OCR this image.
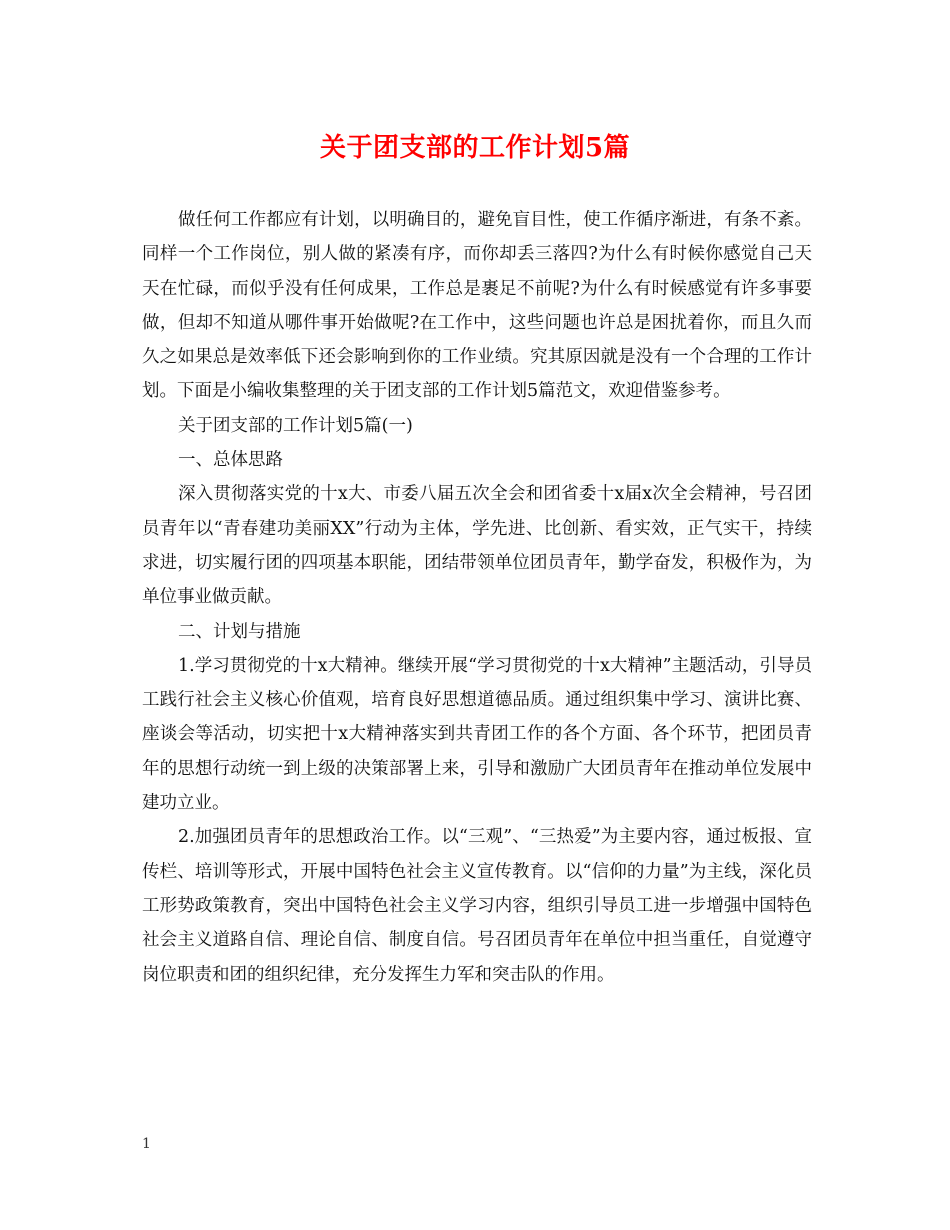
关于团支部的工作计划5篇

做任何工作都应有计划，以明确目的，避免盲目性，使工作循序渐进，有条不紊。同样一个工作岗位，别人做的紧凑有序，而你却丢三落四?为什么有时候你感觉自己天天在忙碌，而似乎没有任何成果，工作总是裹足不前呢?为什么有时候感觉有许多事要做，但却不知道从哪件事开始做呢?在工作中，这些问题也许总是困扰着你，而且久而久之如果总是效率低下还会影响到你的工作业绩。究其原因就是没有一个合理的工作计划。下面是小编收集整理的关于团支部的工作计划5篇范文，欢迎借鉴参考。

关于团支部的工作计划5篇(一)

一、总体思路

深入贯彻落实党的十x大、市委八届五次全会和团省委十x届x次全会精神，号召团员青年以“青春建功美丽XX”行动为主体，学先进、比创新、看实效，正气实干，持续求进，切实履行团的四项基本职能，团结带领单位团员青年，勤学奋发，积极作为，为单位事业做贡献。

二、计划与措施

1.学习贯彻党的十x大精神。继续开展“学习贯彻党的十x大精神”主题活动，引导员工践行社会主义核心价值观，培育良好思想道德品质。通过组织集中学习、演讲比赛、座谈会等活动，切实把十x大精神落实到共青团工作的各个方面、各个环节，把团员青年的思想行动统一到上级的决策部署上来，引导和激励广大团员青年在推动单位发展中建功立业。

2.加强团员青年的思想政治工作。以“三观”、“三热爱”为主要内容，通过板报、宣传栏、培训等形式，开展中国特色社会主义宣传教育。以“信仰的力量”为主线，深化员工形势政策教育，突出中国特色社会主义学习内容，组织引导员工进一步增强中国特色社会主义道路自信、理论自信、制度自信。号召团员青年在单位中担当重任，自觉遵守岗位职责和团的组织纪律，充分发挥生力军和突击队的作用。

1
